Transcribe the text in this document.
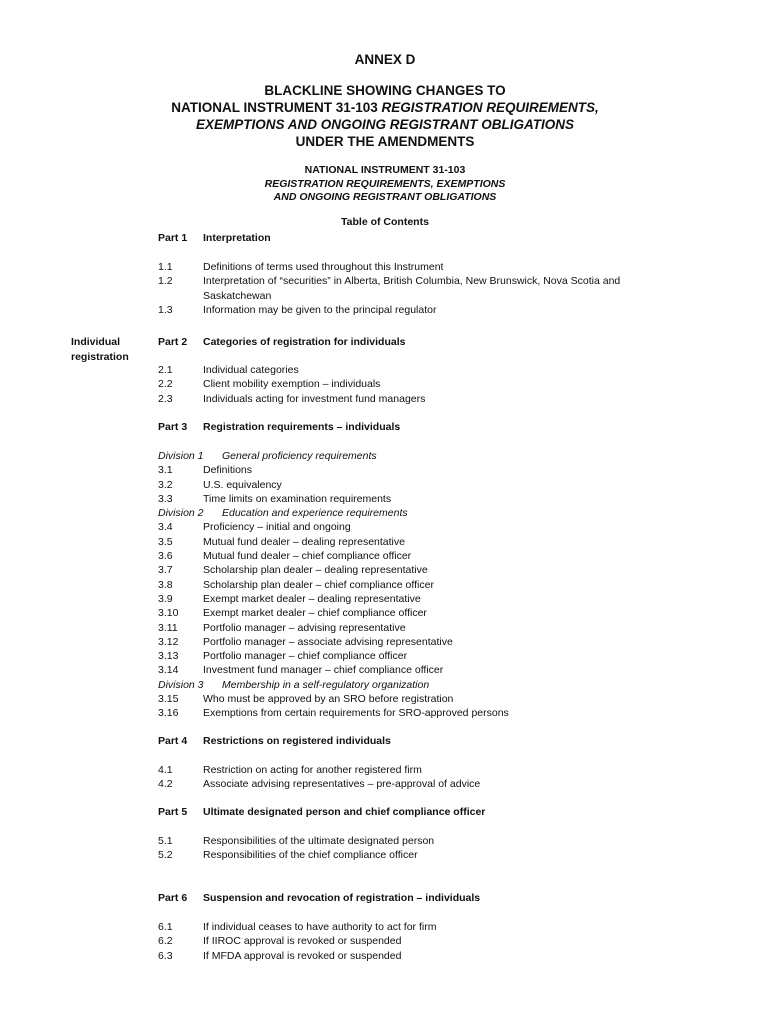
ANNEX D
BLACKLINE SHOWING CHANGES TO
NATIONAL INSTRUMENT 31-103 REGISTRATION REQUIREMENTS,
EXEMPTIONS AND ONGOING REGISTRANT OBLIGATIONS
UNDER THE AMENDMENTS
NATIONAL INSTRUMENT 31-103
REGISTRATION REQUIREMENTS, EXEMPTIONS
AND ONGOING REGISTRANT OBLIGATIONS
Table of Contents
Individual registration
Part 1 Interpretation
1.1	Definitions of terms used throughout this Instrument
1.2	Interpretation of “securities” in Alberta, British Columbia, New Brunswick, Nova Scotia and Saskatchewan
1.3	Information may be given to the principal regulator
Part 2 Categories of registration for individuals
2.1	Individual categories
2.2	Client mobility exemption – individuals
2.3	Individuals acting for investment fund managers
Part 3 Registration requirements – individuals
Division 1 General proficiency requirements
3.1	Definitions
3.2	U.S. equivalency
3.3	Time limits on examination requirements
Division 2 Education and experience requirements
3.4	Proficiency – initial and ongoing
3.5	Mutual fund dealer – dealing representative
3.6	Mutual fund dealer – chief compliance officer
3.7	Scholarship plan dealer – dealing representative
3.8	Scholarship plan dealer – chief compliance officer
3.9	Exempt market dealer – dealing representative
3.10	Exempt market dealer – chief compliance officer
3.11	Portfolio manager – advising representative
3.12	Portfolio manager – associate advising representative
3.13	Portfolio manager – chief compliance officer
3.14	Investment fund manager – chief compliance officer
Division 3 Membership in a self-regulatory organization
3.15	Who must be approved by an SRO before registration
3.16	Exemptions from certain requirements for SRO-approved persons
Part 4 Restrictions on registered individuals
4.1	Restriction on acting for another registered firm
4.2	Associate advising representatives – pre-approval of advice
Part 5 Ultimate designated person and chief compliance officer
5.1	Responsibilities of the ultimate designated person
5.2	Responsibilities of the chief compliance officer
Part 6 Suspension and revocation of registration – individuals
6.1	If individual ceases to have authority to act for firm
6.2	If IIROC approval is revoked or suspended
6.3	If MFDA approval is revoked or suspended
